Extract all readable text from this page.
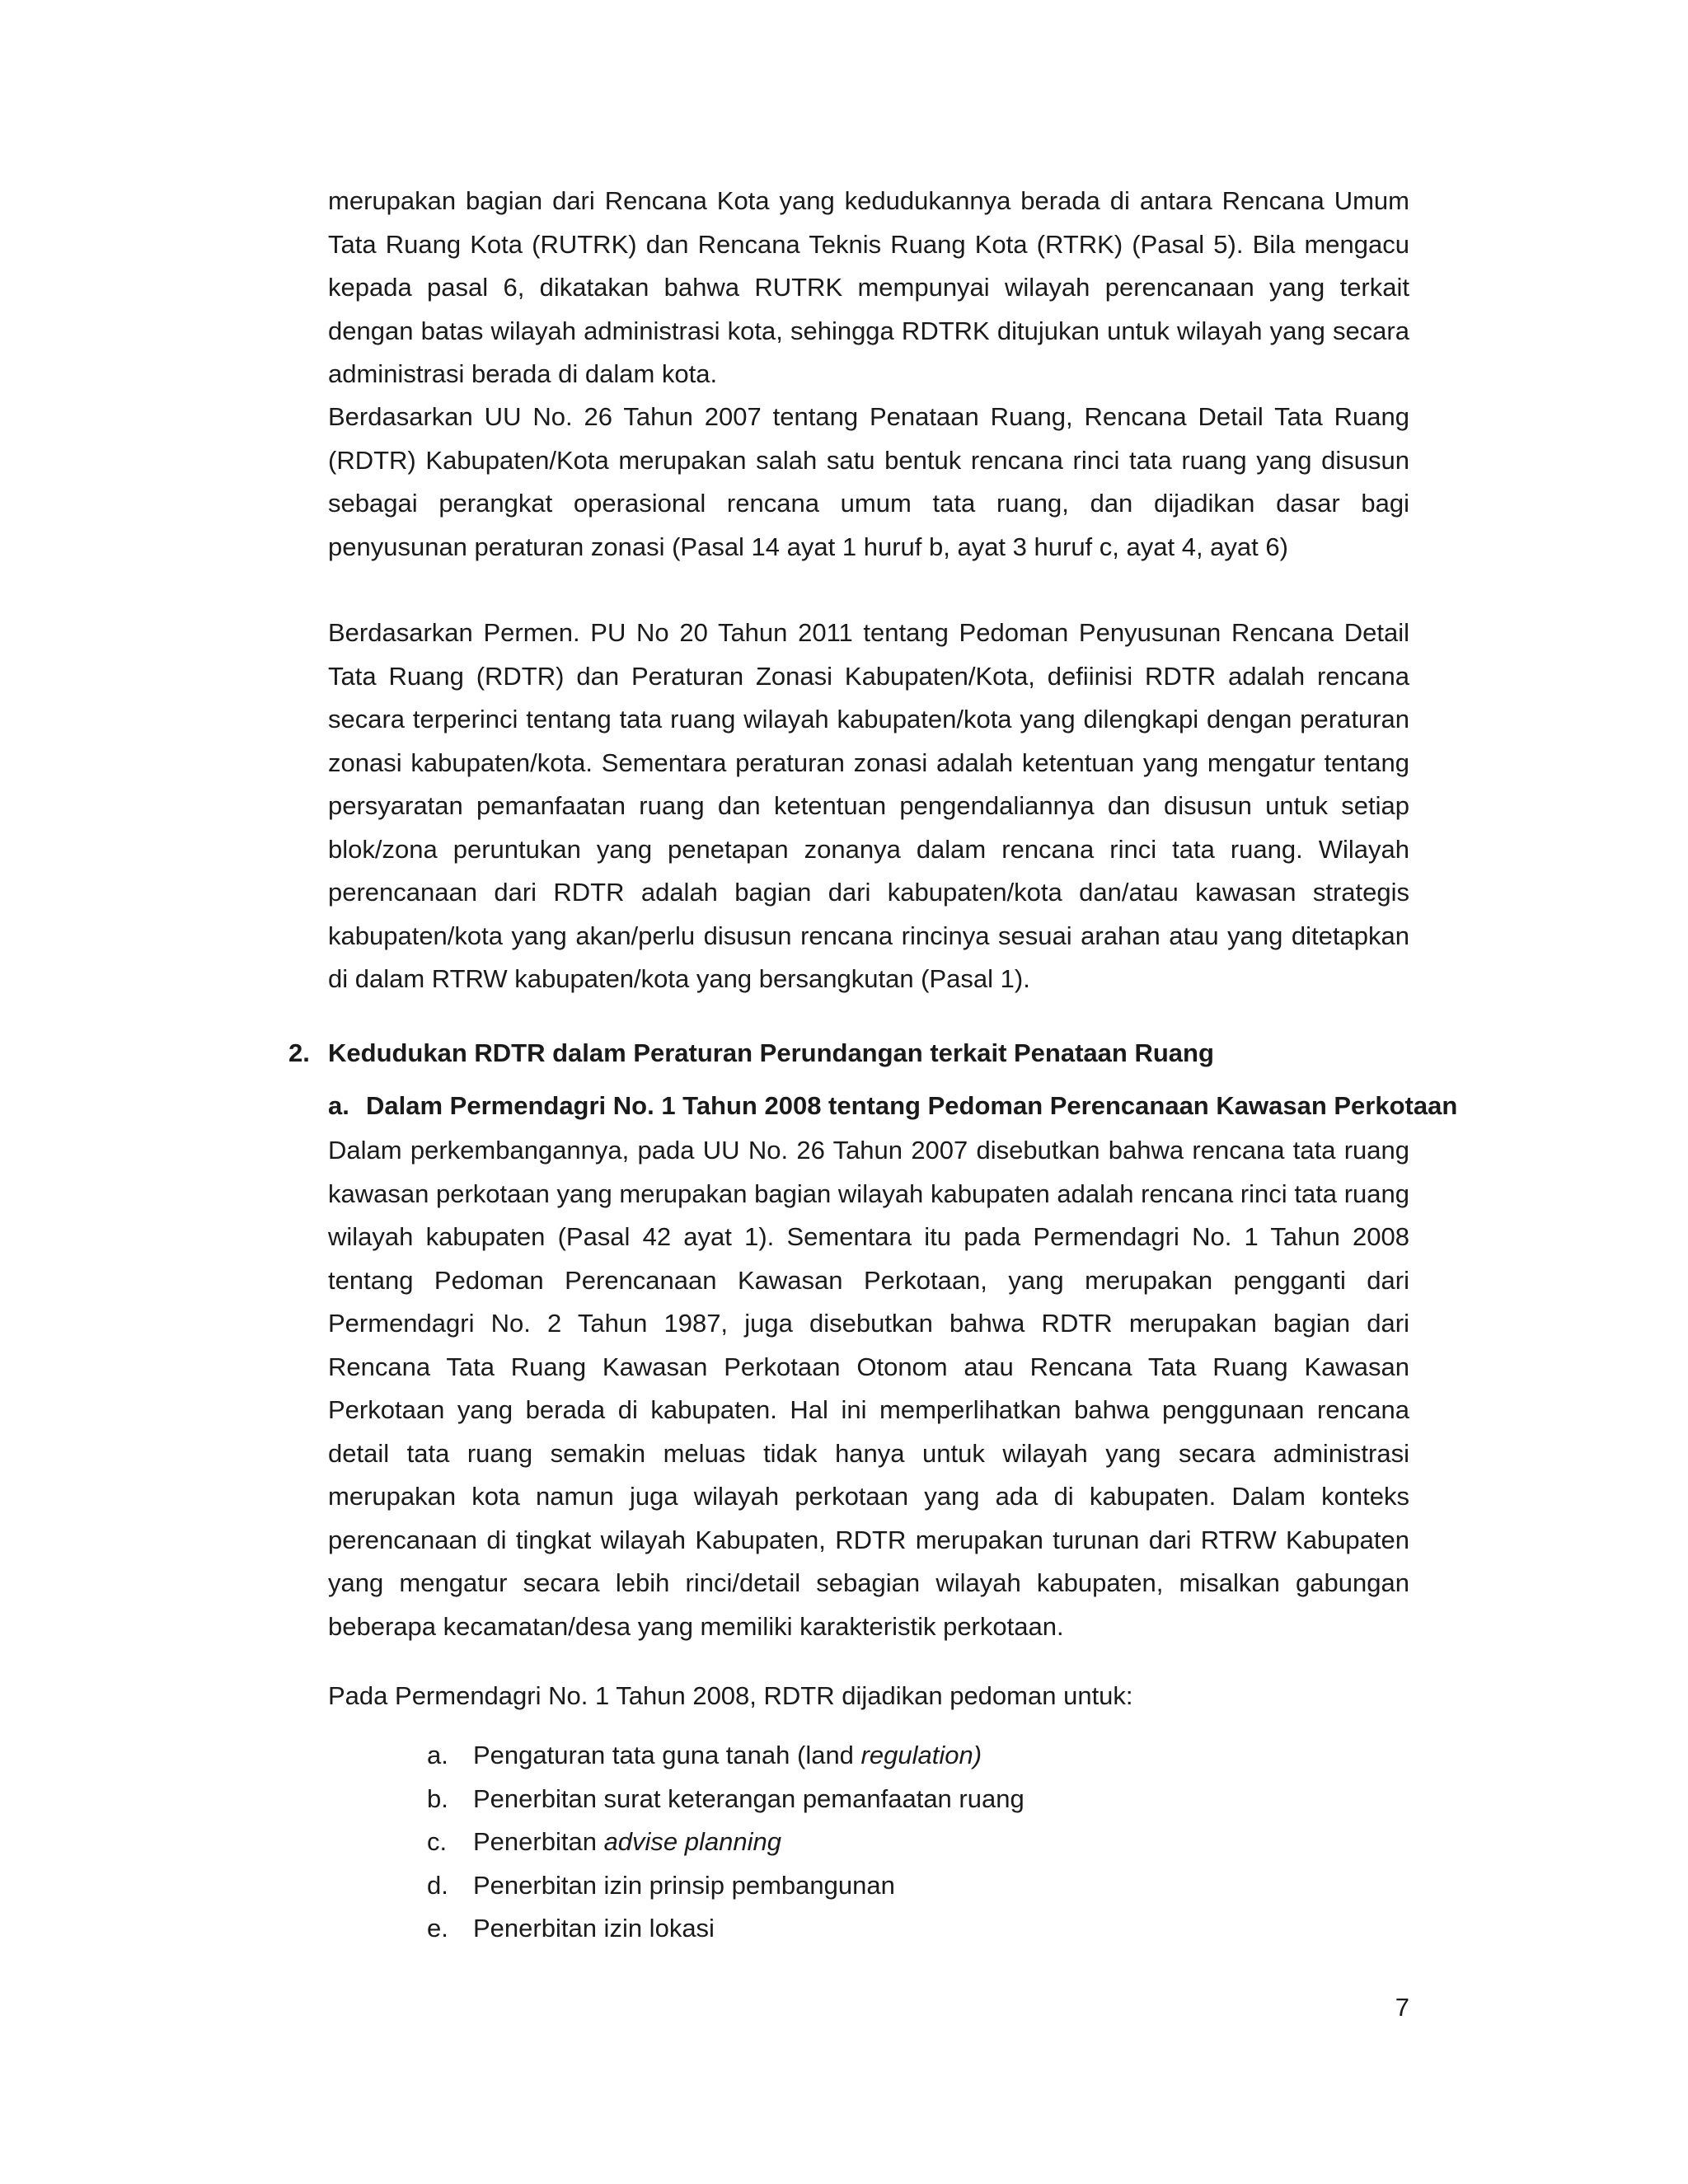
merupakan bagian dari Rencana Kota yang kedudukannya berada di antara Rencana Umum Tata Ruang Kota (RUTRK) dan Rencana Teknis Ruang Kota (RTRK) (Pasal 5). Bila mengacu kepada pasal 6, dikatakan bahwa RUTRK mempunyai wilayah perencanaan yang terkait dengan batas wilayah administrasi kota, sehingga RDTRK ditujukan untuk wilayah yang secara administrasi berada di dalam kota.

Berdasarkan UU No. 26 Tahun 2007 tentang Penataan Ruang, Rencana Detail Tata Ruang (RDTR) Kabupaten/Kota merupakan salah satu bentuk rencana rinci tata ruang yang disusun sebagai perangkat operasional rencana umum tata ruang, dan dijadikan dasar bagi penyusunan peraturan zonasi (Pasal 14 ayat 1 huruf b, ayat 3 huruf c, ayat 4, ayat 6)

Berdasarkan Permen. PU No 20 Tahun 2011 tentang Pedoman Penyusunan Rencana Detail Tata Ruang (RDTR) dan Peraturan Zonasi Kabupaten/Kota, defiinisi RDTR adalah rencana secara terperinci tentang tata ruang wilayah kabupaten/kota yang dilengkapi dengan peraturan zonasi kabupaten/kota. Sementara peraturan zonasi adalah ketentuan yang mengatur tentang persyaratan pemanfaatan ruang dan ketentuan pengendaliannya dan disusun untuk setiap blok/zona peruntukan yang penetapan zonanya dalam rencana rinci tata ruang. Wilayah perencanaan dari RDTR adalah bagian dari kabupaten/kota dan/atau kawasan strategis kabupaten/kota yang akan/perlu disusun rencana rincinya sesuai arahan atau yang ditetapkan di dalam RTRW kabupaten/kota yang bersangkutan (Pasal 1).

2. Kedudukan RDTR dalam Peraturan Perundangan terkait Penataan Ruang
a. Dalam Permendagri No. 1 Tahun 2008 tentang Pedoman Perencanaan Kawasan Perkotaan

Dalam perkembangannya, pada UU No. 26 Tahun 2007 disebutkan bahwa rencana tata ruang kawasan perkotaan yang merupakan bagian wilayah kabupaten adalah rencana rinci tata ruang wilayah kabupaten (Pasal 42 ayat 1). Sementara itu pada Permendagri No. 1 Tahun 2008 tentang Pedoman Perencanaan Kawasan Perkotaan, yang merupakan pengganti dari Permendagri No. 2 Tahun 1987, juga disebutkan bahwa RDTR merupakan bagian dari Rencana Tata Ruang Kawasan Perkotaan Otonom atau Rencana Tata Ruang Kawasan Perkotaan yang berada di kabupaten. Hal ini memperlihatkan bahwa penggunaan rencana detail tata ruang semakin meluas tidak hanya untuk wilayah yang secara administrasi merupakan kota namun juga wilayah perkotaan yang ada di kabupaten. Dalam konteks perencanaan di tingkat wilayah Kabupaten, RDTR merupakan turunan dari RTRW Kabupaten yang mengatur secara lebih rinci/detail sebagian wilayah kabupaten, misalkan gabungan beberapa kecamatan/desa yang memiliki karakteristik perkotaan.

Pada Permendagri No. 1 Tahun 2008, RDTR dijadikan pedoman untuk:

a. Pengaturan tata guna tanah (land regulation)
b. Penerbitan surat keterangan pemanfaatan ruang
c. Penerbitan advise planning
d. Penerbitan izin prinsip pembangunan
e. Penerbitan izin lokasi
7
